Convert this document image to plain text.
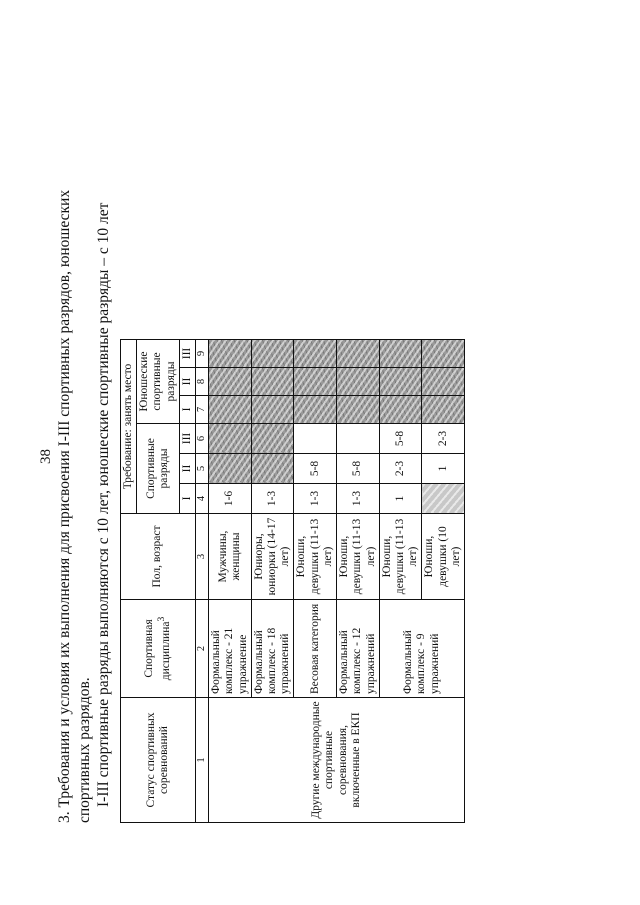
38 3. Требования и условия их выполнения для присвоения I-III спортивных разрядов, юношеских спортивных разрядов. I-III спортивные разряды выполняются с 10 лет, юношеские спортивные разряды – с 10 лет	Статус спортивных соревнований	Спортивная дисциплина$^3$	Пол, возраст	Требование: занять место					
			Спортивные разряды			Юношеские спортивные разряды		
			I	II	III	I	II	III
1	2	3	4	5	6	7	8	9
Другие международные спортивные соревнования, включенные в ЕКП	Формальный комплекс - 21 упражнение	Мужчины, женщины	1-6					
	Формальный комплекс - 18 упражнений	Юниоры, юниорки (14-17 лет)	1-3					
	Весовая категория	Юноши, девушки (11-13 лет)	1-3	5-8				
	Формальный комплекс - 12 упражнений	Юноши, девушки (11-13 лет)	1-3	5-8				
	Формальный комплекс - 9 упражнений	Юноши, девушки (11-13 лет)	1	2-3	5-8			
		Юноши, девушки (10 лет)		1	2-3			
